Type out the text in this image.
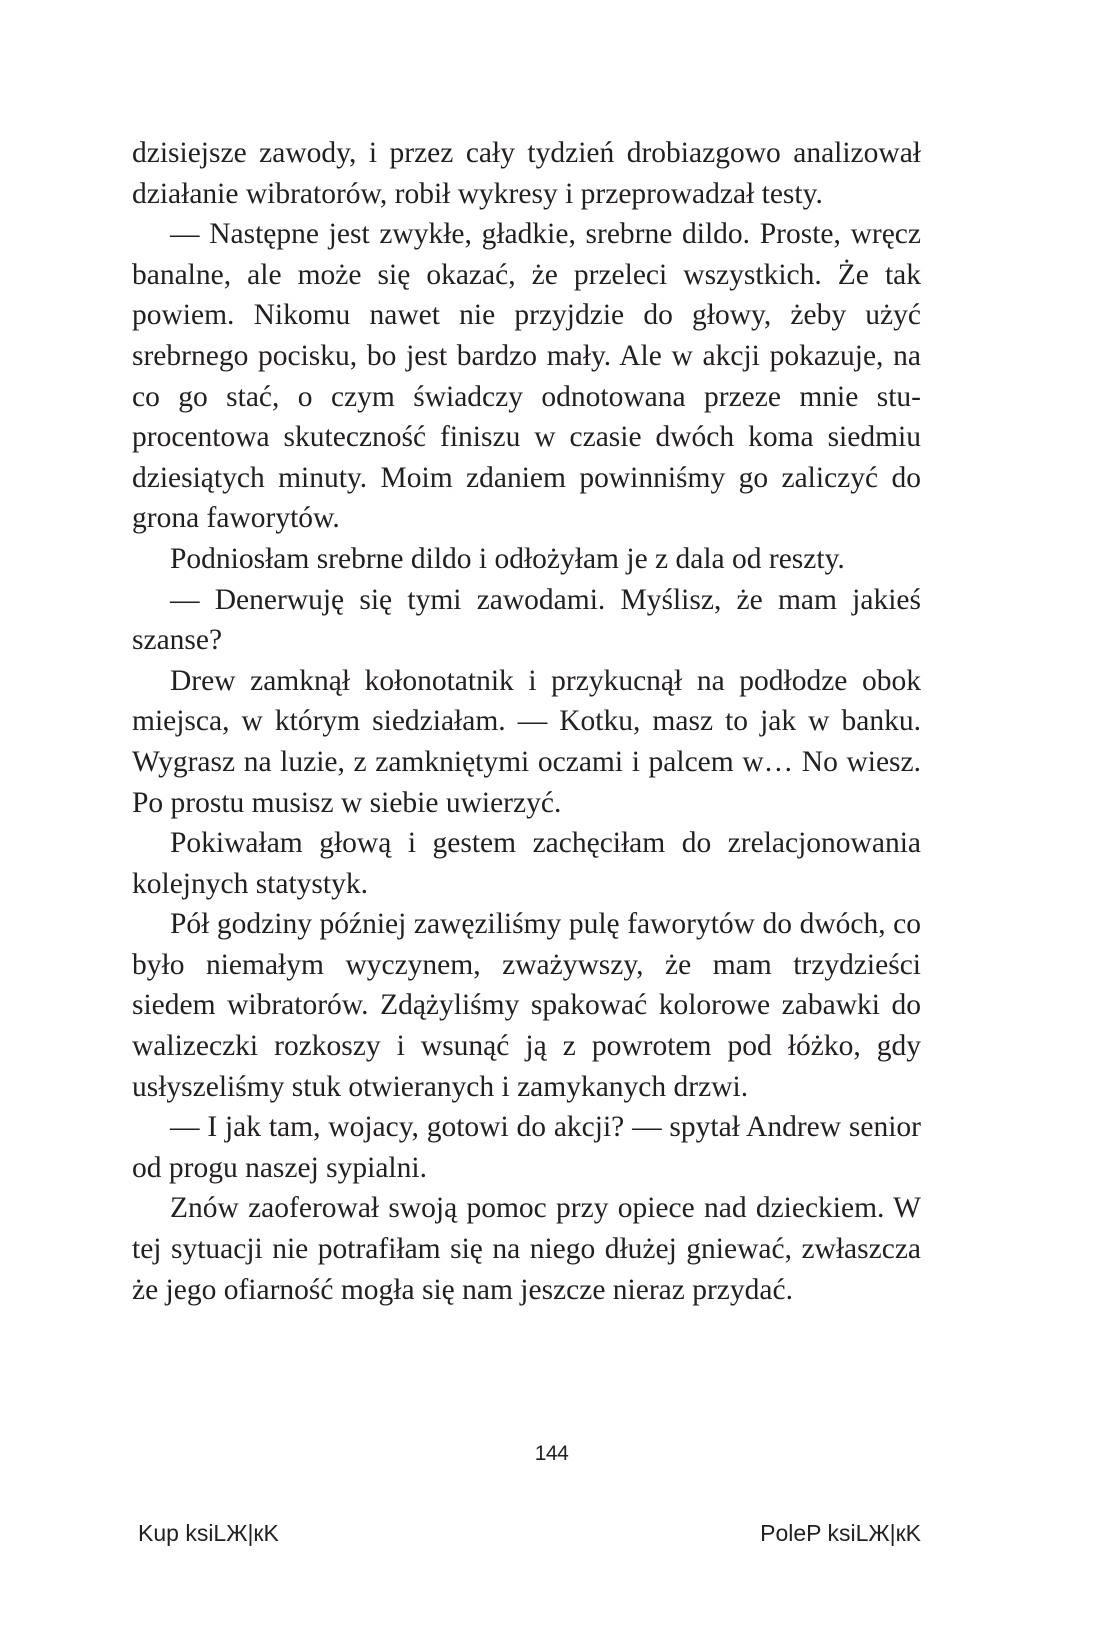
dzisiejsze zawody, i przez cały tydzień drobiazgowo analizował działanie wibratorów, robił wykresy i przeprowadzał testy.

— Następne jest zwykłe, gładkie, srebrne dildo. Proste, wręcz banalne, ale może się okazać, że przeleci wszystkich. Że tak powiem. Nikomu nawet nie przyjdzie do głowy, żeby użyć srebrnego pocisku, bo jest bardzo mały. Ale w akcji pokazuje, na co go stać, o czym świadczy odnotowana przeze mnie stuprocentowa skuteczność finiszu w czasie dwóch koma siedmiu dziesiątych minuty. Moim zdaniem powinniśmy go zaliczyć do grona faworytów.

Podniosłam srebrne dildo i odłożyłam je z dala od reszty.

— Denerwuję się tymi zawodami. Myślisz, że mam jakieś szanse?

Drew zamknął kołonotatnik i przykucnął na podłodze obok miejsca, w którym siedziałam. — Kotku, masz to jak w banku. Wygrasz na luzie, z zamkniętymi oczami i palcem w… No wiesz. Po prostu musisz w siebie uwierzyć.

Pokiwałam głową i gestem zachęciłam do zrelacjonowania kolejnych statystyk.

Pół godziny później zawęziliśmy pulę faworytów do dwóch, co było niemałym wyczynem, zważywszy, że mam trzydzieści siedem wibratorów. Zdążyliśmy spakować kolorowe zabawki do walizeczki rozkoszy i wsunąć ją z powrotem pod łóżko, gdy usłyszeliśmy stuk otwieranych i zamykanych drzwi.

— I jak tam, wojacy, gotowi do akcji? — spytał Andrew senior od progu naszej sypialni.

Znów zaoferował swoją pomoc przy opiece nad dzieckiem. W tej sytuacji nie potrafiłam się na niego dłużej gniewać, zwłaszcza że jego ofiarność mogła się nam jeszcze nieraz przydać.

144
Kup ksiLЖ|кK	PoleP ksiLЖ|кK
